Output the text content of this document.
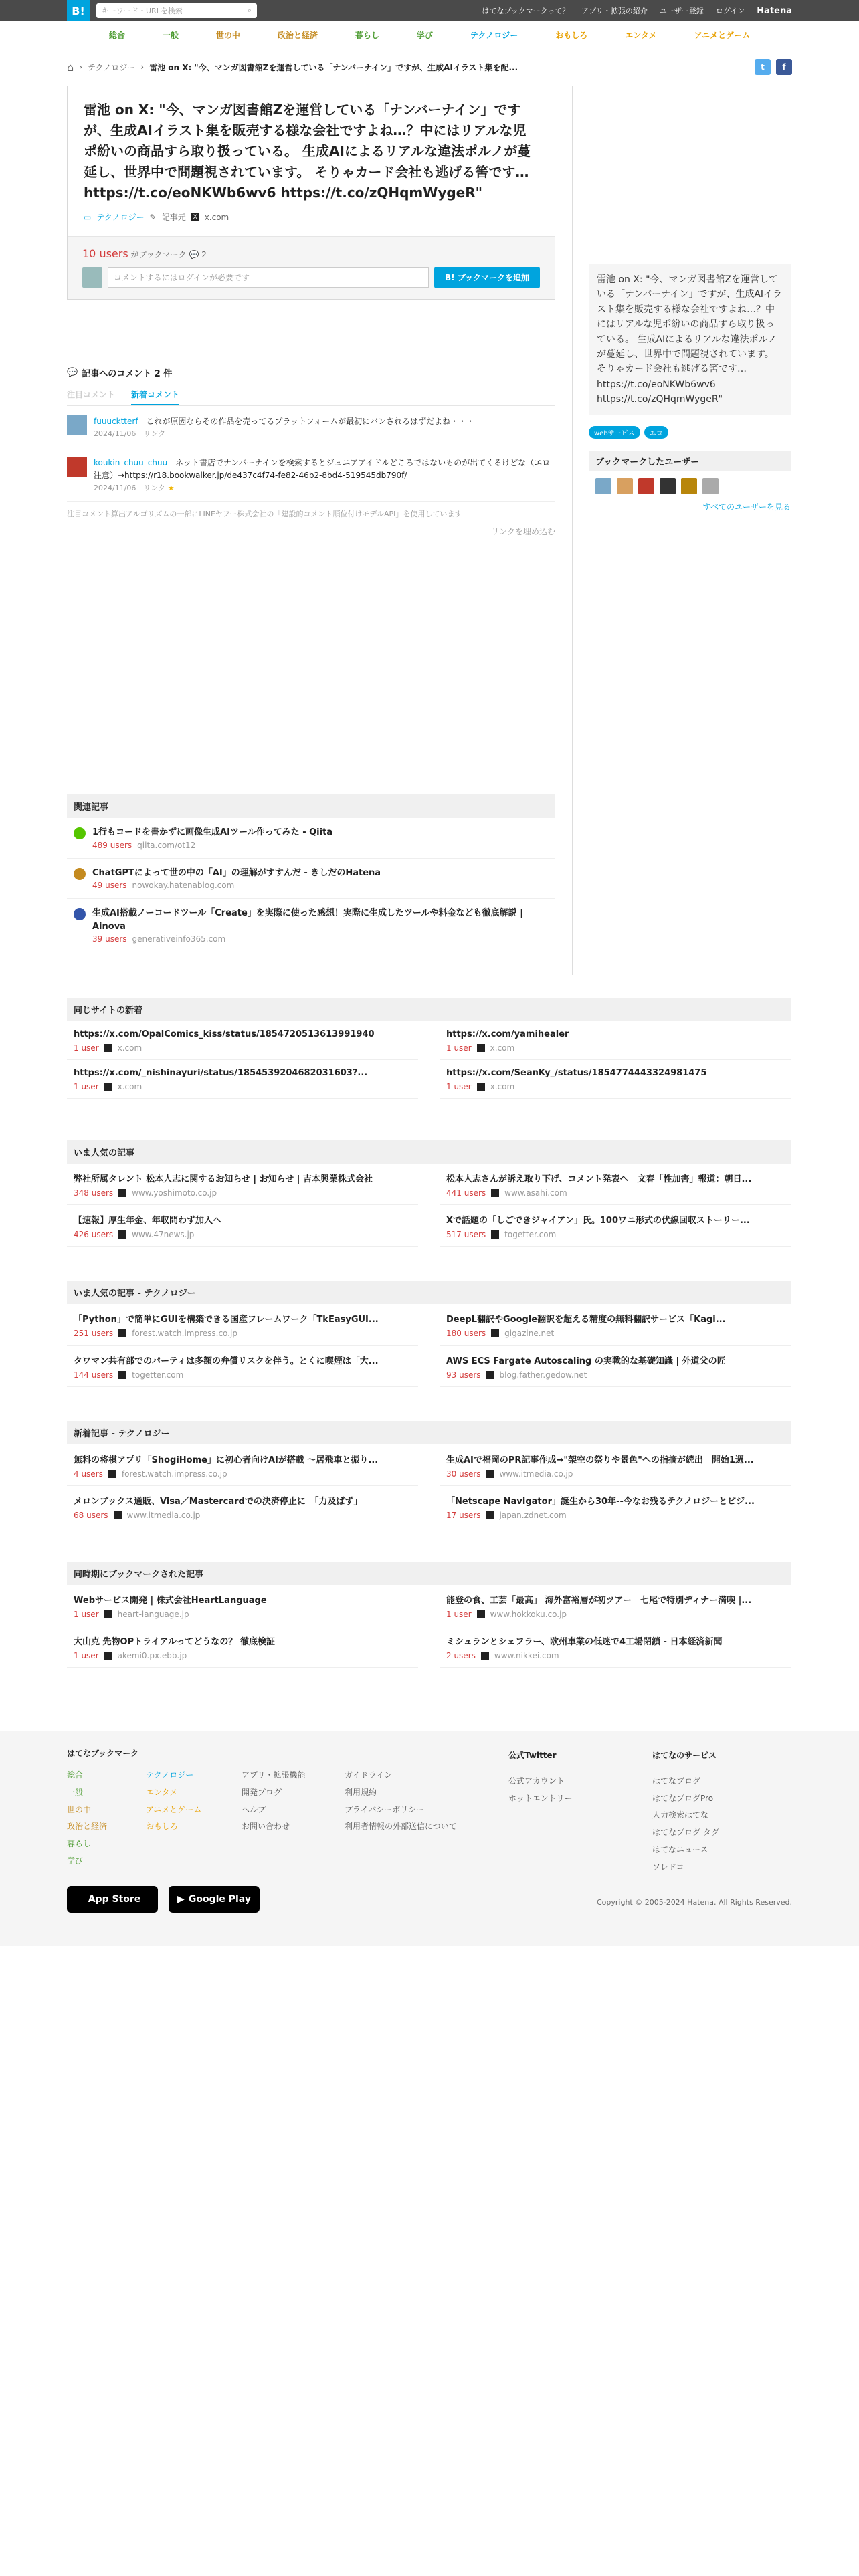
B!	キーワード・URLを検索	⌕	はてなブックマークって？ アプリ・拡張の紹介 ユーザー登録 ログイン Hatena
総合	一般	世の中	政治と経済	暮らし	学び	テクノロジー	おもしろ	エンタメ	アニメとゲーム
⌂ › テクノロジー › 雷池 on X: "今、マンガ図書館Zを運営している「ナンバーナイン」ですが、生成AIイラスト集を配...	t	f
雷池 on X: "今、マンガ図書館Zを運営している「ナンバーナイン」ですが、生成AIイラスト集を販売する様な会社ですよね…？中にはリアルな児ポ紛いの商品すら取り扱っている。 生成AIによるリアルな違法ポルノが蔓延し、世界中で問題視されています。 そりゃカード会社も逃げる筈です… https://t.co/eoNKWb6wv6 https://t.co/zQHqmWygeR"
▭ テクノロジー ✎ 記事元	X x.com
10 users がブックマーク 💬 2
コメントするにはログインが必要です	B! ブックマークを追加
💬 記事へのコメント 2 件
注目コメント 新着コメント
fuuucktterf これが原因ならその作品を売ってるプラットフォームが最初にバンされるはずだよね・・・
2024/11/06　 リンク
koukin_chuu_chuu ネット書店でナンバーナインを検索するとジュニアアイドルどころではないものが出てくるけどな（エロ注意）→https://r18.bookwalker.jp/de437c4f74-fe82-46b2-8bd4-519545db790f/
2024/11/06　 リンク ★
注目コメント算出アルゴリズムの一部にLINEヤフー株式会社の「建設的コメント順位付けモデルAPI」を使用しています
リンクを埋め込む
関連記事
1行もコードを書かずに画像生成AIツール作ってみた - Qiita
489 users qiita.com/ot12
ChatGPTによって世の中の「AI」の理解がすすんだ - きしだのHatena
49 users nowokay.hatenablog.com
生成AI搭載ノーコードツール「Create」を実際に使った感想！実際に生成したツールや料金なども徹底解説 | Ainova
39 users generativeinfo365.com
雷池 on X: "今、マンガ図書館Zを運営している「ナンバーナイン」ですが、生成AIイラスト集を販売する様な会社ですよね…？中にはリアルな児ポ紛いの商品すら取り扱っている。 生成AIによるリアルな違法ポルノが蔓延し、世界中で問題視されています。 そりゃカード会社も逃げる筈です… https://t.co/eoNKWb6wv6 https://t.co/zQHqmWygeR"
webサービス	エロ
ブックマークしたユーザー
すべてのユーザーを見る
同じサイトの新着
https://x.com/OpalComics_kiss/status/1854720513613991940
1 user x.com
https://x.com/yamihealer
1 user x.com
https://x.com/_nishinayuri/status/1854539204682031603?...
1 user x.com
https://x.com/SeanKy_/status/1854774443324981475
1 user x.com
いま人気の記事
弊社所属タレント 松本人志に関するお知らせ | お知らせ | 吉本興業株式会社
348 users www.yoshimoto.co.jp
松本人志さんが訴え取り下げ、コメント発表へ　文春「性加害」報道：朝日...
441 users www.asahi.com
【速報】厚生年金、年収問わず加入へ
426 users www.47news.jp
Xで話題の「しごできジャイアン」氏。100ワニ形式の伏線回収ストーリー...
517 users togetter.com
いま人気の記事 - テクノロジー
「Python」で簡単にGUIを構築できる国産フレームワーク「TkEasyGUI...
251 users forest.watch.impress.co.jp
DeepL翻訳やGoogle翻訳を超える精度の無料翻訳サービス「Kagi...
180 users gigazine.net
タワマン共有部でのパーティは多額の弁償リスクを伴う。とくに喫煙は「大...
144 users togetter.com
AWS ECS Fargate Autoscaling の実戦的な基礎知識 | 外道父の匠
93 users blog.father.gedow.net
新着記事 - テクノロジー
無料の将棋アプリ「ShogiHome」に初心者向けAIが搭載 ～居飛車と振り...
4 users forest.watch.impress.co.jp
生成AIで福岡のPR記事作成→"架空の祭りや景色"への指摘が続出　開始1週...
30 users www.itmedia.co.jp
メロンブックス通販、Visa／Mastercardでの決済停止に　「力及ばず」
68 users www.itmedia.co.jp
「Netscape Navigator」誕生から30年--今なお残るテクノロジーとビジ...
17 users japan.zdnet.com
同時期にブックマークされた記事
Webサービス開発 | 株式会社HeartLanguage
1 user heart-language.jp
能登の食、工芸「最高」 海外富裕層が初ツアー　七尾で特別ディナー満喫 |...
1 user www.hokkoku.co.jp
大山克 先物OPトライアルってどうなの？ 徹底検証
1 user akemi0.px.ebb.jp
ミシュランとシェフラー、欧州車業の低迷で4工場閉鎖 - 日本経済新聞
2 users www.nikkei.com
はてなブックマーク
総合
一般
世の中
政治と経済
暮らし
学び
テクノロジー
エンタメ
アニメとゲーム
おもしろ
アプリ・拡張機能
開発ブログ
ヘルプ
お問い合わせ
ガイドライン
利用規約
プライバシーポリシー
利用者情報の外部送信について
公式Twitter
公式アカウント
ホットエントリー
はてなのサービス
はてなブログ
はてなブログPro
人力検索はてな
はてなブログ タグ
はてなニュース
ソレドコ
App Store	▶ Google Play	Copyright © 2005-2024 Hatena. All Rights Reserved.
